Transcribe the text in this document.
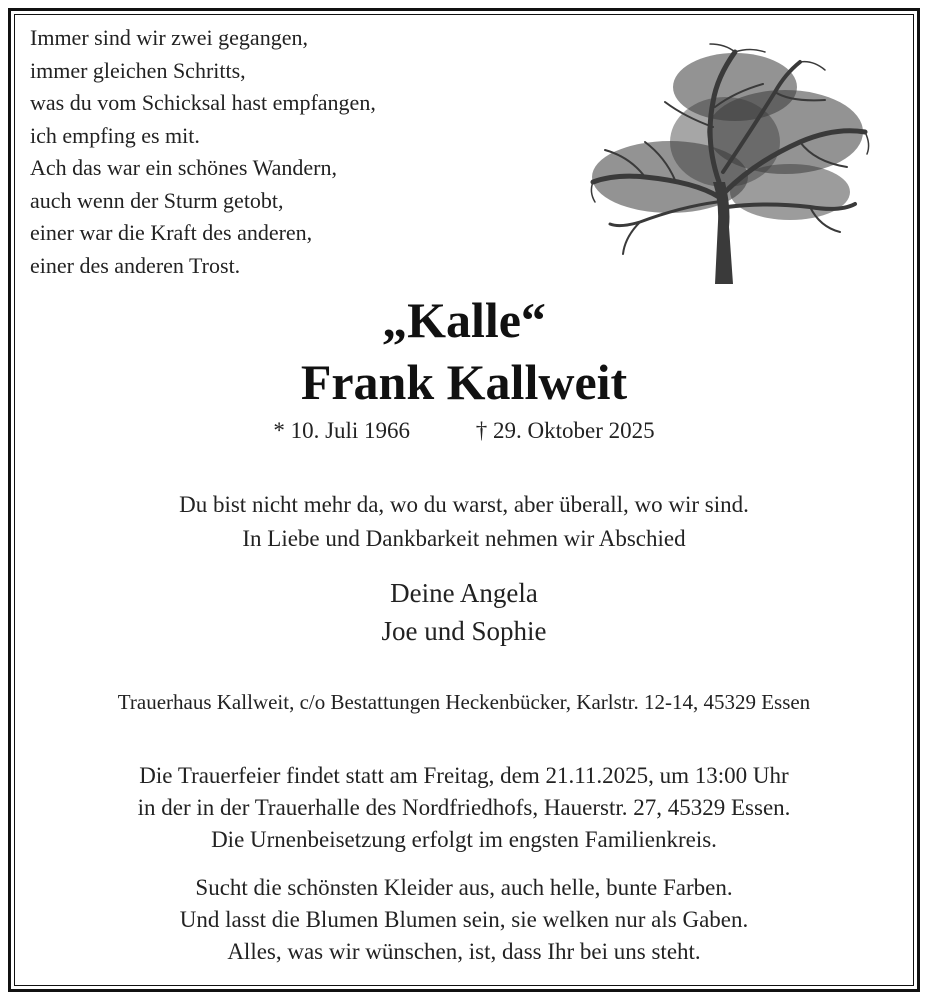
Immer sind wir zwei gegangen,
immer gleichen Schritts,
was du vom Schicksal hast empfangen,
ich empfing es mit.
Ach das war ein schönes Wandern,
auch wenn der Sturm getobt,
einer war die Kraft des anderen,
einer des anderen Trost.
„Kalle“
Frank Kallweit
* 10. Juli 1966	† 29. Oktober 2025
Du bist nicht mehr da, wo du warst, aber überall, wo wir sind.
In Liebe und Dankbarkeit nehmen wir Abschied
Deine Angela
Joe und Sophie
Trauerhaus Kallweit, c/o Bestattungen Heckenbücker, Karlstr. 12-14, 45329 Essen
Die Trauerfeier findet statt am Freitag, dem 21.11.2025, um 13:00 Uhr
in der in der Trauerhalle des Nordfriedhofs, Hauerstr. 27, 45329 Essen.
Die Urnenbeisetzung erfolgt im engsten Familienkreis.
Sucht die schönsten Kleider aus, auch helle, bunte Farben.
Und lasst die Blumen Blumen sein, sie welken nur als Gaben.
Alles, was wir wünschen, ist, dass Ihr bei uns steht.
